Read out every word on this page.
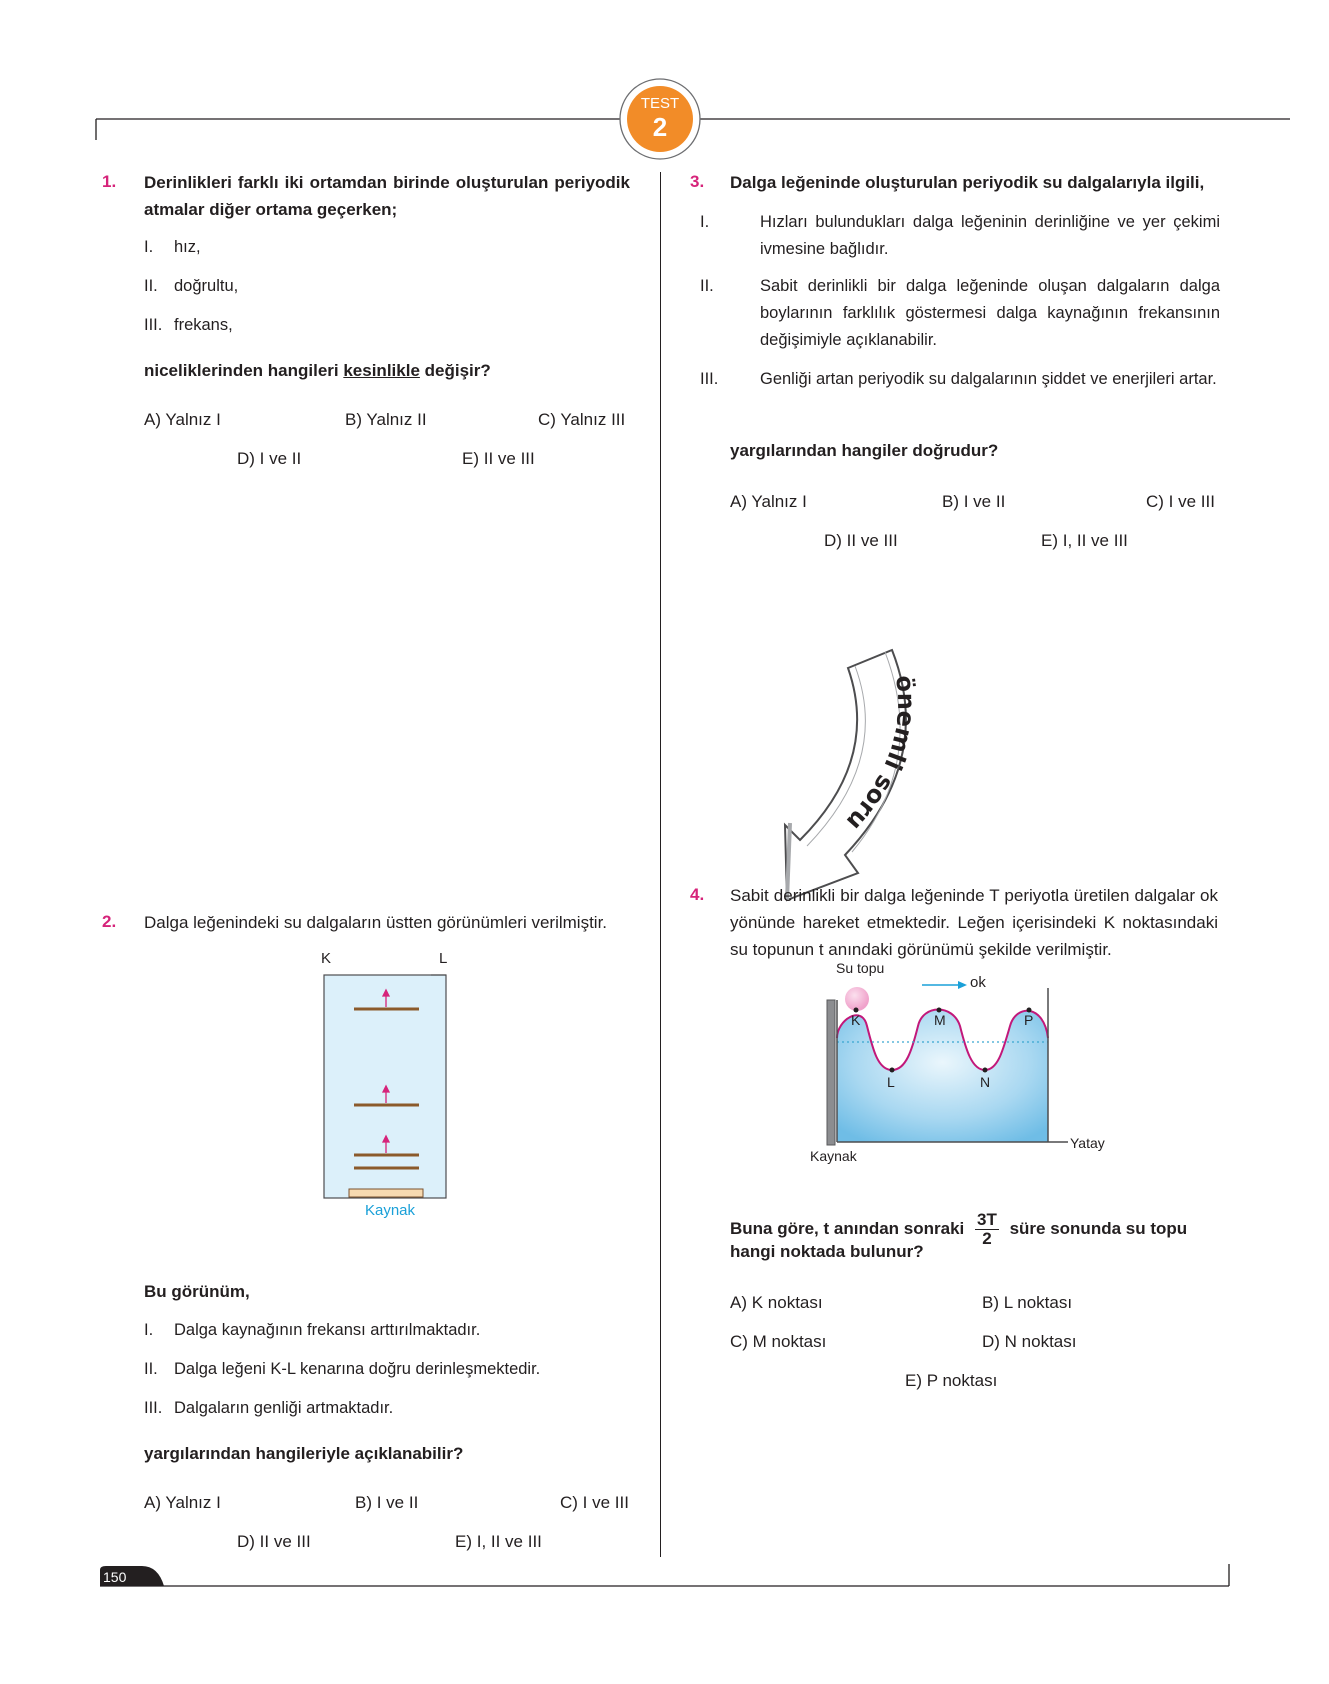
TEST
2
1. Derinlikleri farklı iki ortamdan birinde oluşturulan periyodik atmalar diğer ortama geçerken;
I. hız,
II. doğrultu,
III. frekans,
niceliklerinden hangileri kesinlikle değişir?
A) Yalnız I	B) Yalnız II	C) Yalnız III
D) I ve II	E) II ve III
2. Dalga leğenindeki su dalgaların üstten görünümleri verilmiştir.
K	L
Kaynak
Bu görünüm,
I. Dalga kaynağının frekansı arttırılmaktadır.
II. Dalga leğeni K-L kenarına doğru derinleşmektedir.
III. Dalgaların genliği artmaktadır.
yargılarından hangileriyle açıklanabilir?
A) Yalnız I	B) I ve II	C) I ve III
D) II ve III	E) I, II ve III
3. Dalga leğeninde oluşturulan periyodik su dalgalarıyla ilgili,
I.	Hızları bulundukları dalga leğeninin derinliğine ve yer çekimi ivmesine bağlıdır.
II.	Sabit derinlikli bir dalga leğeninde oluşan dalgaların dalga boylarının farklılık göstermesi dalga kaynağının frekansının değişimiyle açıklanabilir.
III.	Genliği artan periyodik su dalgalarının şiddet ve enerjileri artar.
yargılarından hangiler doğrudur?
A) Yalnız I	B) I ve II	C) I ve III
D) II ve III	E) I, II ve III
önemli soru
4. Sabit derinlikli bir dalga leğeninde T periyotla üretilen dalgalar ok yönünde hareket etmektedir. Leğen içerisindeki K noktasındaki su topunun t anındaki görünümü şekilde verilmiştir.
Su topu
ok
K
L
M
N
P
Kaynak
Yatay
Buna göre, t anından sonraki $\frac{3T}{2}$ süre sonunda su topu
hangi noktada bulunur?
A) K noktası	B) L noktası
C) M noktası	D) N noktası
E) P noktası
150
